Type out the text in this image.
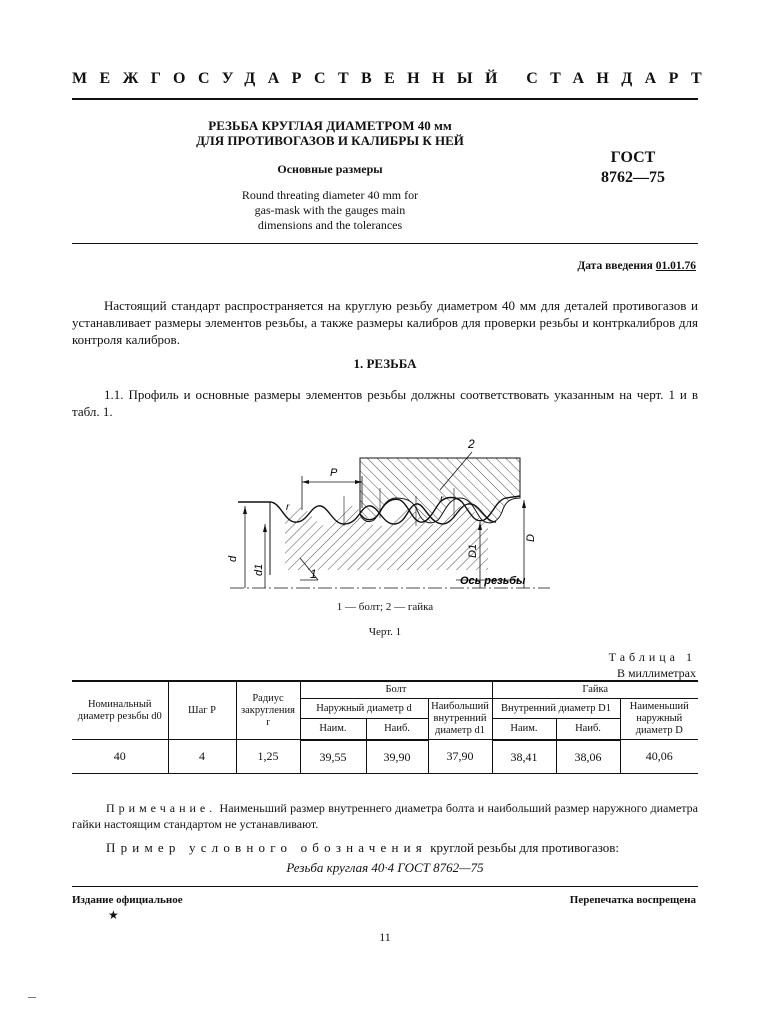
МЕЖГОСУДАРСТВЕННЫЙ СТАНДАРТ
РЕЗЬБА КРУГЛАЯ ДИАМЕТРОМ 40 мм
ДЛЯ ПРОТИВОГАЗОВ И КАЛИБРЫ К НЕЙ
Основные размеры
Round threating diameter 40 mm for
gas-mask with the gauges main
dimensions and the tolerances
ГОСТ
8762—75
Дата введения 01.01.76
Настоящий стандарт распространяется на круглую резьбу диаметром 40 мм для деталей противогазов и устанавливает размеры элементов резьбы, а также размеры калибров для проверки резьбы и контркалибров для контроля калибров.
1. РЕЗЬБА
1.1. Профиль и основные размеры элементов резьбы должны соответствовать указанным на черт. 1 и в табл. 1.
2
P
r
r
1
d
d1
D1
D
Ось резьбы
1 — болт; 2 — гайка
Черт. 1
Таблица 1
В миллиметрах
Номинальный диаметр резьбы d0	Шаг P	Радиус закругления r	Болт			Гайка		
			Наружный диаметр d		Наибольший внутренний диаметр d1	Внутренний диаметр D1		Наименьший наружный диаметр D
			Наим.	Наиб.		Наим.	Наиб.	
40	4	1,25	39,55	39,90	37,90	38,41	38,06	40,06
Примечание. Наименьший размер внутреннего диаметра болта и наибольший размер наружного диаметра гайки настоящим стандартом не устанавливают.
Пример условного обозначения круглой резьбы для противогазов:
Резьба круглая 40·4 ГОСТ 8762—75
Издание официальное	Перепечатка воспрещена
★
11
